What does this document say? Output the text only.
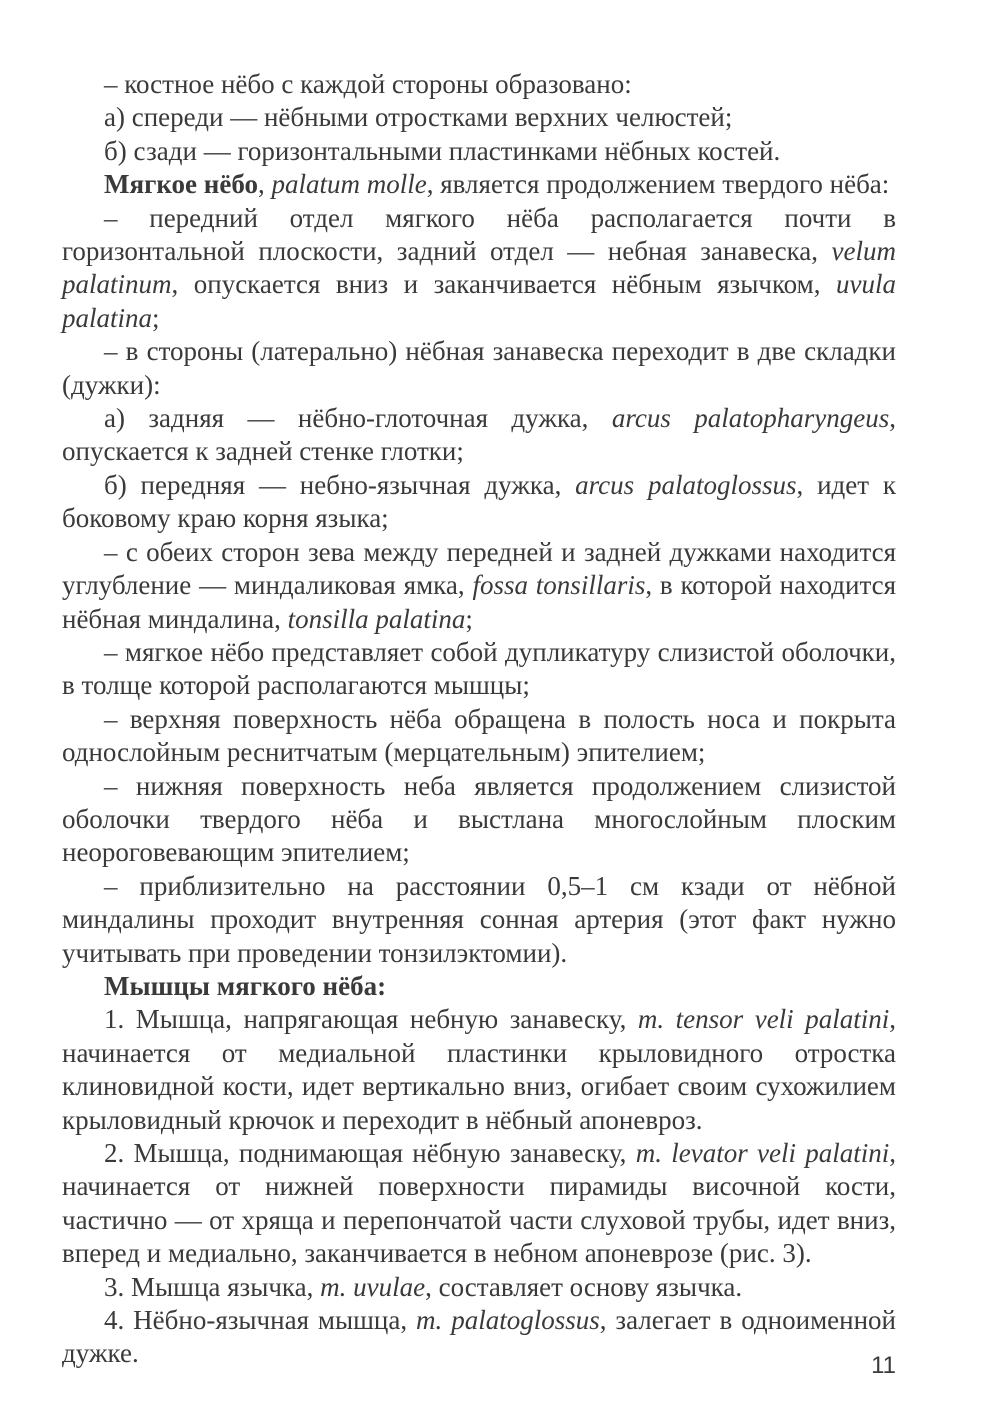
– костное нёбо с каждой стороны образовано:

а) спереди — нёбными отростками верхних челюстей;

б) сзади — горизонтальными пластинками нёбных костей.

Мягкое нёбо, palatum molle, является продолжением твердого нёба:

– передний отдел мягкого нёба располагается почти в горизонтальной плоскости, задний отдел — небная занавеска, velum palatinum, опускается вниз и заканчивается нёбным язычком, uvula palatina;

– в стороны (латерально) нёбная занавеска переходит в две складки (дужки):

а) задняя — нёбно-глоточная дужка, arcus palatopharyngeus, опускается к задней стенке глотки;

б) передняя — небно-язычная дужка, arcus palatoglossus, идет к боковому краю корня языка;

– с обеих сторон зева между передней и задней дужками находится углубление — миндаликовая ямка, fossa tonsillaris, в которой находится нёбная миндалина, tonsilla palatina;

– мягкое нёбо представляет собой дупликатуру слизистой оболочки, в толще которой располагаются мышцы;

– верхняя поверхность нёба обращена в полость носа и покрыта однослойным реснитчатым (мерцательным) эпителием;

– нижняя поверхность неба является продолжением слизистой оболочки твердого нёба и выстлана многослойным плоским неороговевающим эпителием;

– приблизительно на расстоянии 0,5–1 см кзади от нёбной миндалины проходит внутренняя сонная артерия (этот факт нужно учитывать при проведении тонзилэктомии).

Мышцы мягкого нёба:

1. Мышца, напрягающая небную занавеску, m. tensor veli palatini, начинается от медиальной пластинки крыловидного отростка клиновидной кости, идет вертикально вниз, огибает своим сухожилием крыловидный крючок и переходит в нёбный апоневроз.

2. Мышца, поднимающая нёбную занавеску, m. levator veli palatini, начинается от нижней поверхности пирамиды височной кости, частично — от хряща и перепончатой части слуховой трубы, идет вниз, вперед и медиально, заканчивается в небном апоневрозе (рис. 3).

3. Мышца язычка, m. uvulae, составляет основу язычка.

4. Нёбно-язычная мышца, m. palatoglossus, залегает в одноименной дужке.	11
